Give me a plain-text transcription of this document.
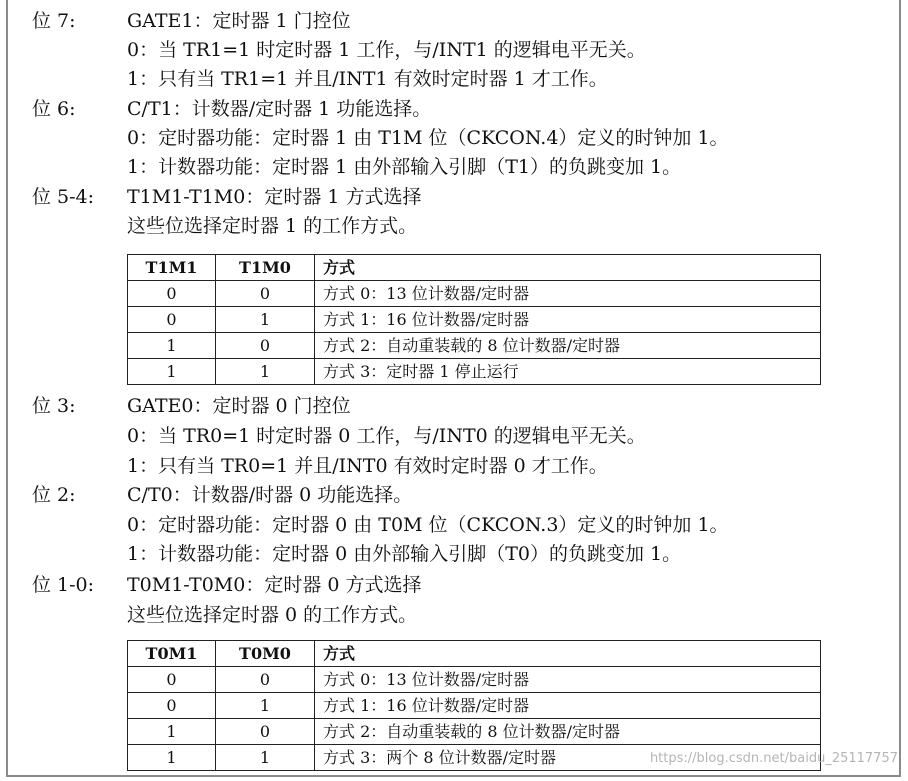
位 7:	GATE1：定时器 1 门控位
0：当 TR1=1 时定时器 1 工作，与/INT1 的逻辑电平无关。
1：只有当 TR1=1 并且/INT1 有效时定时器 1 才工作。
位 6:	C/T1：计数器/定时器 1 功能选择。
0：定时器功能：定时器 1 由 T1M 位（CKCON.4）定义的时钟加 1。
1：计数器功能：定时器 1 由外部输入引脚（T1）的负跳变加 1。
位 5-4: T1M1-T1M0：定时器 1 方式选择
这些位选择定时器 1 的工作方式。
T1M1	T1M0	方式
0	0	方式 0：13 位计数器/定时器
0	1	方式 1：16 位计数器/定时器
1	0	方式 2：自动重装载的 8 位计数器/定时器
1	1	方式 3：定时器 1 停止运行
位 3:	GATE0：定时器 0 门控位
0：当 TR0=1 时定时器 0 工作，与/INT0 的逻辑电平无关。
1：只有当 TR0=1 并且/INT0 有效时定时器 0 才工作。
位 2:	C/T0：计数器/时器 0 功能选择。
0：定时器功能：定时器 0 由 T0M 位（CKCON.3）定义的时钟加 1。
1：计数器功能：定时器 0 由外部输入引脚（T0）的负跳变加 1。
位 1-0: T0M1-T0M0：定时器 0 方式选择
这些位选择定时器 0 的工作方式。
T0M1	T0M0	方式
0	0	方式 0：13 位计数器/定时器
0	1	方式 1：16 位计数器/定时器
1	0	方式 2：自动重装载的 8 位计数器/定时器
1	1	方式 3：两个 8 位计数器/定时器	https://blog.csdn.net/baidu_25117757
